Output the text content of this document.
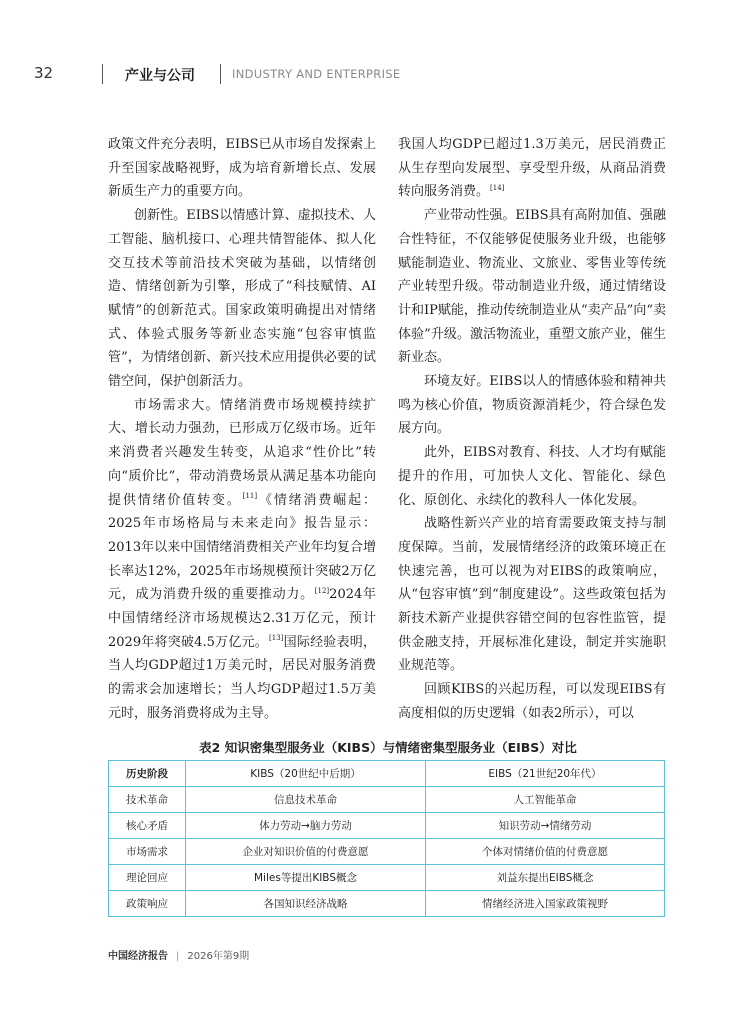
32	产业与公司	INDUSTRY AND ENTERPRISE

政策文件充分表明，EIBS已从市场自发探索上升至国家战略视野，成为培育新增长点、发展新质生产力的重要方向。

创新性。EIBS以情感计算、虚拟技术、人工智能、脑机接口、心理共情智能体、拟人化交互技术等前沿技术突破为基础，以情绪创造、情绪创新为引擎，形成了“科技赋情、AI赋情”的创新范式。国家政策明确提出对情绪式、体验式服务等新业态实施“包容审慎监管”，为情绪创新、新兴技术应用提供必要的试错空间，保护创新活力。

市场需求大。情绪消费市场规模持续扩大、增长动力强劲，已形成万亿级市场。近年来消费者兴趣发生转变，从追求“性价比”转向“质价比”，带动消费场景从满足基本功能向提供情绪价值转变。[11]《情绪消费崛起：2025年市场格局与未来走向》报告显示：2013年以来中国情绪消费相关产业年均复合增长率达12%，2025年市场规模预计突破2万亿元，成为消费升级的重要推动力。[12]2024年中国情绪经济市场规模达2.31万亿元，预计2029年将突破4.5万亿元。[13]国际经验表明，当人均GDP超过1万美元时，居民对服务消费的需求会加速增长；当人均GDP超过1.5万美元时，服务消费将成为主导。

我国人均GDP已超过1.3万美元，居民消费正从生存型向发展型、享受型升级，从商品消费转向服务消费。[14]

产业带动性强。EIBS具有高附加值、强融合性特征，不仅能够促使服务业升级，也能够赋能制造业、物流业、文旅业、零售业等传统产业转型升级。带动制造业升级，通过情绪设计和IP赋能，推动传统制造业从“卖产品”向“卖体验”升级。激活物流业，重塑文旅产业，催生新业态。

环境友好。EIBS以人的情感体验和精神共鸣为核心价值，物质资源消耗少，符合绿色发展方向。

此外，EIBS对教育、科技、人才均有赋能提升的作用，可加快人文化、智能化、绿色化、原创化、永续化的教科人一体化发展。

战略性新兴产业的培育需要政策支持与制度保障。当前，发展情绪经济的政策环境正在快速完善，也可以视为对EIBS的政策响应，从“包容审慎”到“制度建设”。这些政策包括为新技术新产业提供容错空间的包容性监管，提供金融支持，开展标准化建设，制定并实施职业规范等。

回顾KIBS的兴起历程，可以发现EIBS有高度相似的历史逻辑（如表2所示），可以

表2 知识密集型服务业（KIBS）与情绪密集型服务业（EIBS）对比
历史阶段	KIBS（20世纪中后期）	EIBS（21世纪20年代）
技术革命	信息技术革命	人工智能革命
核心矛盾	体力劳动→脑力劳动	知识劳动→情绪劳动
市场需求	企业对知识价值的付费意愿	个体对情绪价值的付费意愿
理论回应	Miles等提出KIBS概念	刘益东提出EIBS概念
政策响应	各国知识经济战略	情绪经济进入国家政策视野
中国经济报告 | 2026年第9期
